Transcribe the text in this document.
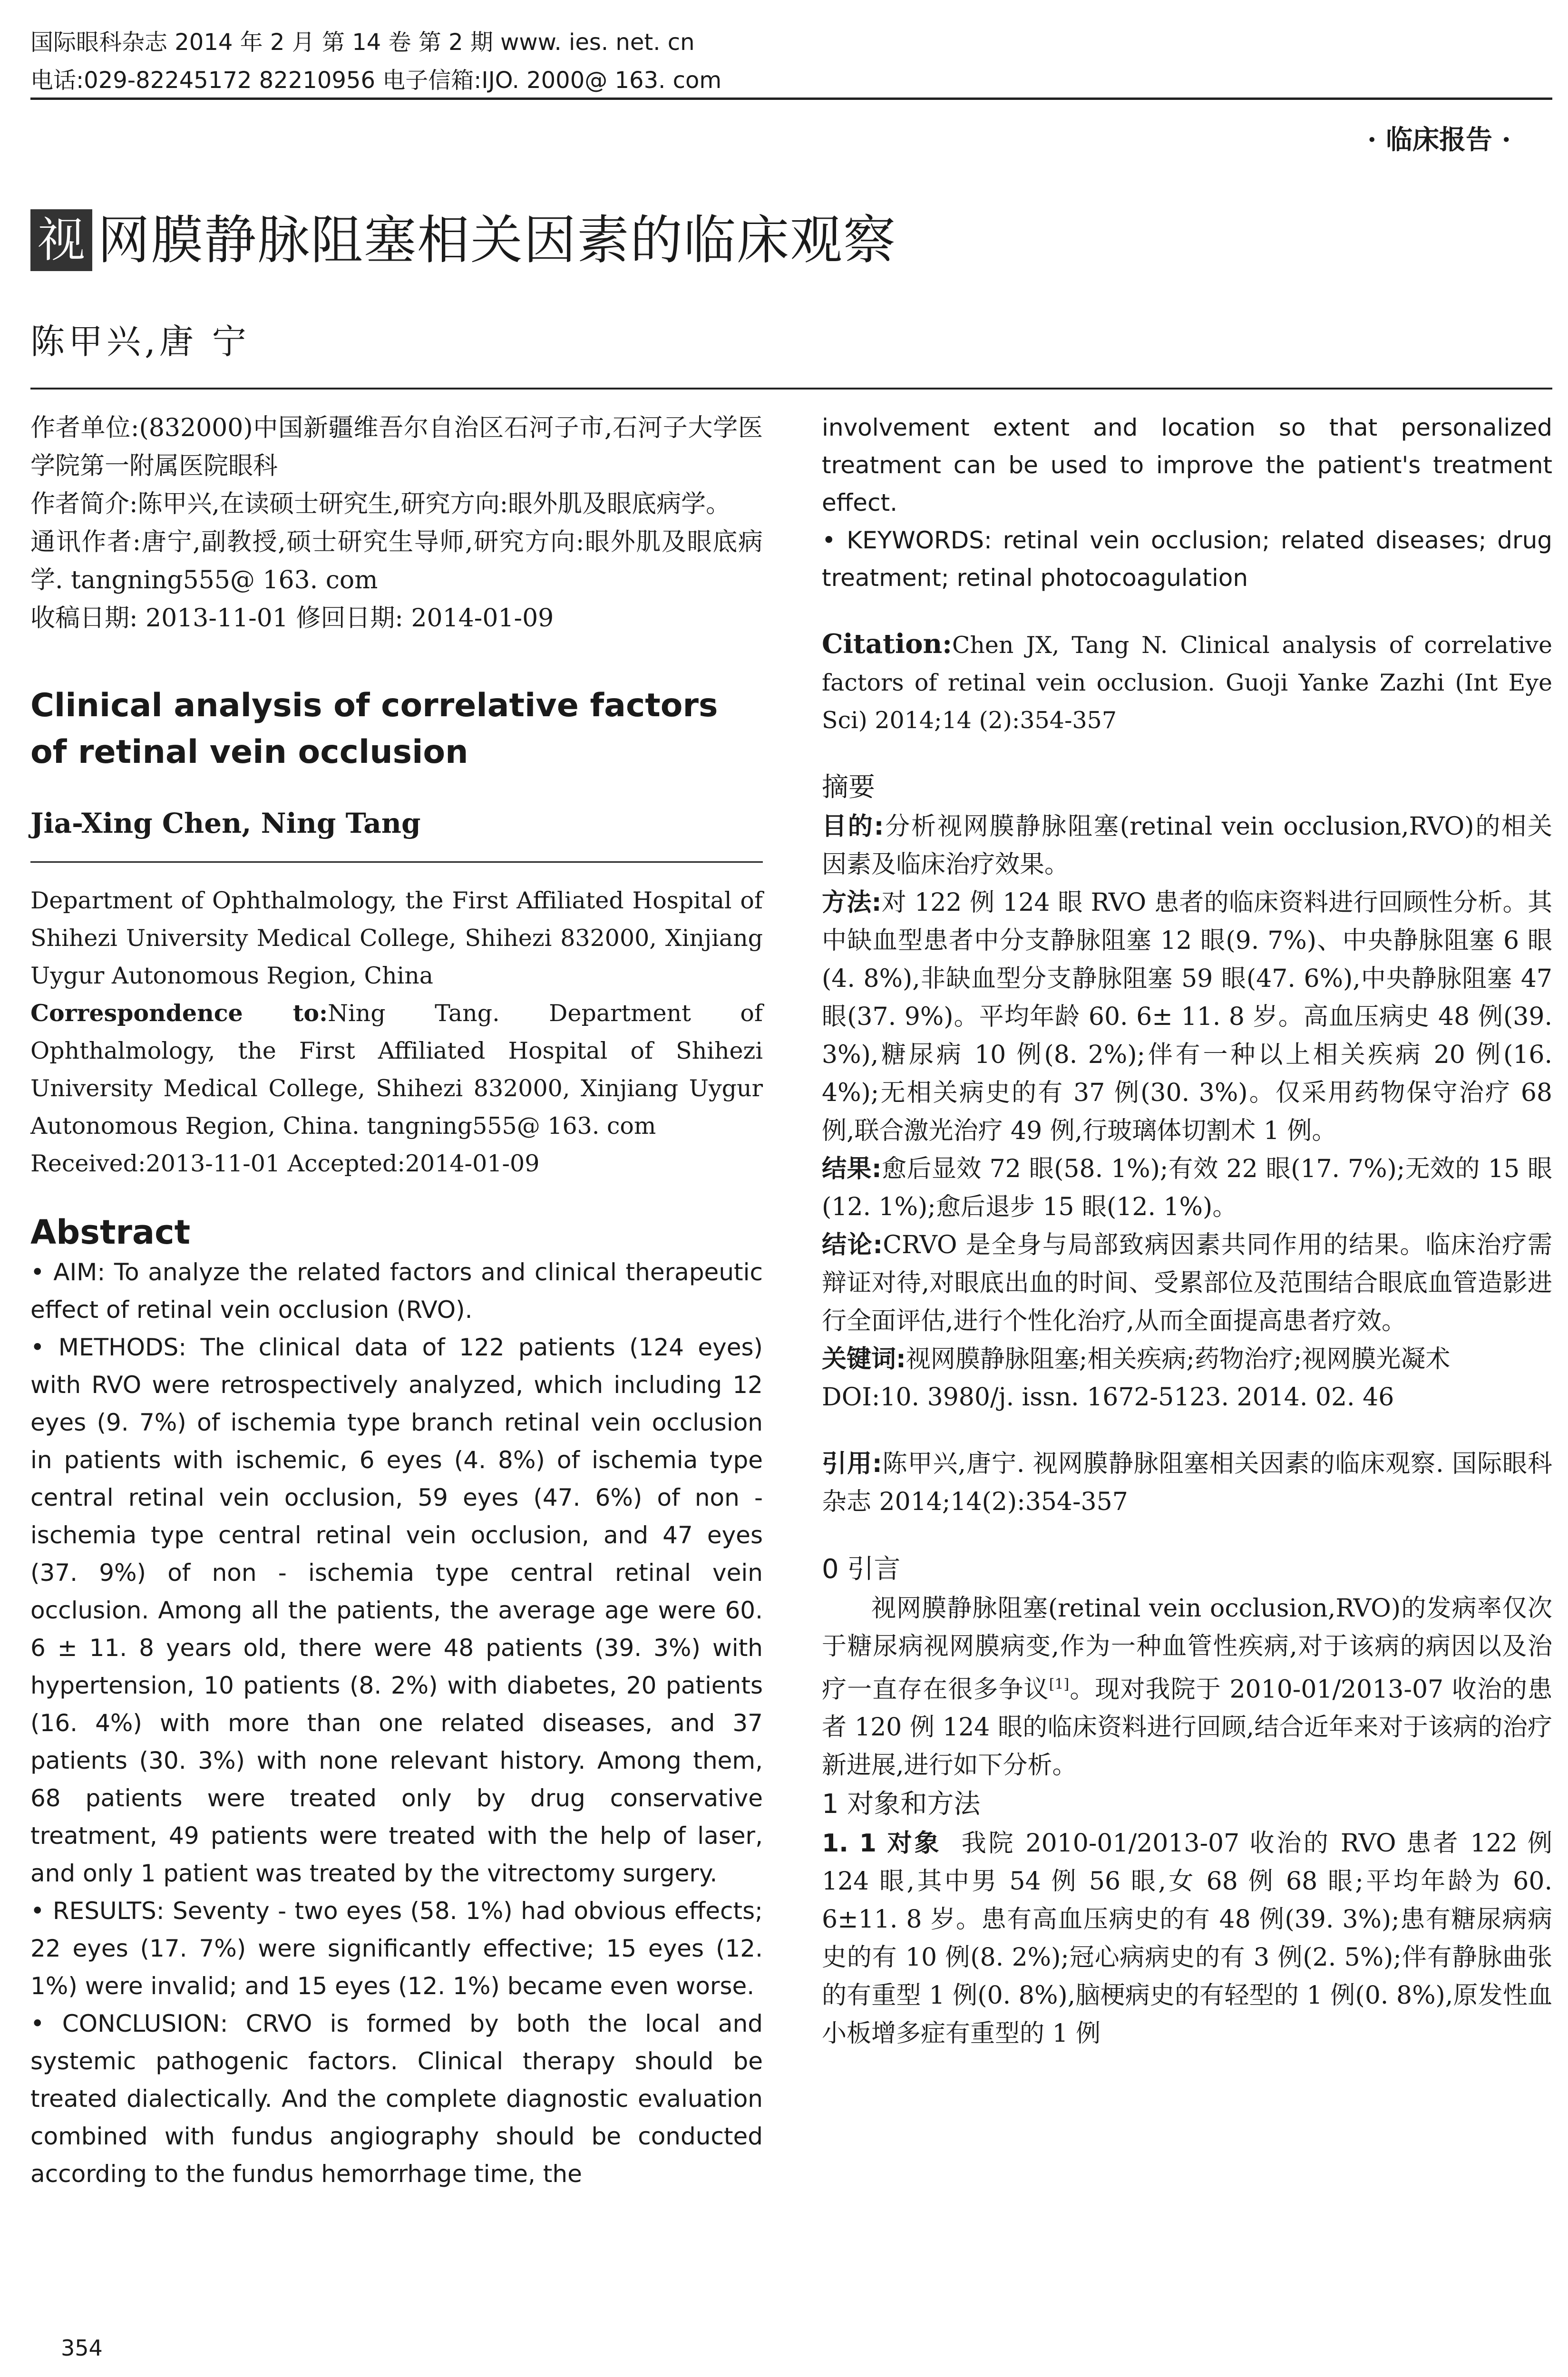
国际眼科杂志 2014 年 2 月 第 14 卷 第 2 期 www. ies. net. cn
电话:029-82245172 82210956 电子信箱:IJO. 2000@ 163. com
· 临床报告 ·
视 网膜静脉阻塞相关因素的临床观察
陈甲兴,唐 宁
作者单位:(832000)中国新疆维吾尔自治区石河子市,石河子大学医学院第一附属医院眼科
作者简介:陈甲兴,在读硕士研究生,研究方向:眼外肌及眼底病学。
通讯作者:唐宁,副教授,硕士研究生导师,研究方向:眼外肌及眼底病学. tangning555@ 163. com
收稿日期: 2013-11-01 修回日期: 2014-01-09
Clinical analysis of correlative factors of retinal vein occlusion
Jia-Xing Chen, Ning Tang
Department of Ophthalmology, the First Affiliated Hospital of Shihezi University Medical College, Shihezi 832000, Xinjiang Uygur Autonomous Region, China
Correspondence to:Ning Tang. Department of Ophthalmology, the First Affiliated Hospital of Shihezi University Medical College, Shihezi 832000, Xinjiang Uygur Autonomous Region, China. tangning555@ 163. com
Received:2013-11-01 Accepted:2014-01-09
Abstract
• AIM: To analyze the related factors and clinical therapeutic effect of retinal vein occlusion (RVO).
• METHODS: The clinical data of 122 patients (124 eyes) with RVO were retrospectively analyzed, which including 12 eyes (9. 7%) of ischemia type branch retinal vein occlusion in patients with ischemic, 6 eyes (4. 8%) of ischemia type central retinal vein occlusion, 59 eyes (47. 6%) of non - ischemia type central retinal vein occlusion, and 47 eyes (37. 9%) of non - ischemia type central retinal vein occlusion. Among all the patients, the average age were 60. 6 ± 11. 8 years old, there were 48 patients (39. 3%) with hypertension, 10 patients (8. 2%) with diabetes, 20 patients (16. 4%) with more than one related diseases, and 37 patients (30. 3%) with none relevant history. Among them, 68 patients were treated only by drug conservative treatment, 49 patients were treated with the help of laser, and only 1 patient was treated by the vitrectomy surgery.
• RESULTS: Seventy - two eyes (58. 1%) had obvious effects; 22 eyes (17. 7%) were significantly effective; 15 eyes (12. 1%) were invalid; and 15 eyes (12. 1%) became even worse.
• CONCLUSION: CRVO is formed by both the local and systemic pathogenic factors. Clinical therapy should be treated dialectically. And the complete diagnostic evaluation combined with fundus angiography should be conducted according to the fundus hemorrhage time, the
involvement extent and location so that personalized treatment can be used to improve the patient's treatment effect.
• KEYWORDS: retinal vein occlusion; related diseases; drug treatment; retinal photocoagulation
Citation:Chen JX, Tang N. Clinical analysis of correlative factors of retinal vein occlusion. Guoji Yanke Zazhi (Int Eye Sci) 2014;14 (2):354-357
摘要
目的:分析视网膜静脉阻塞(retinal vein occlusion,RVO)的相关因素及临床治疗效果。
方法:对 122 例 124 眼 RVO 患者的临床资料进行回顾性分析。其中缺血型患者中分支静脉阻塞 12 眼(9. 7%)、中央静脉阻塞 6 眼(4. 8%),非缺血型分支静脉阻塞 59 眼(47. 6%),中央静脉阻塞 47 眼(37. 9%)。平均年龄 60. 6± 11. 8 岁。高血压病史 48 例(39. 3%),糖尿病 10 例(8. 2%);伴有一种以上相关疾病 20 例(16. 4%);无相关病史的有 37 例(30. 3%)。仅采用药物保守治疗 68 例,联合激光治疗 49 例,行玻璃体切割术 1 例。
结果:愈后显效 72 眼(58. 1%);有效 22 眼(17. 7%);无效的 15 眼(12. 1%);愈后退步 15 眼(12. 1%)。
结论:CRVO 是全身与局部致病因素共同作用的结果。临床治疗需辩证对待,对眼底出血的时间、受累部位及范围结合眼底血管造影进行全面评估,进行个性化治疗,从而全面提高患者疗效。
关键词:视网膜静脉阻塞;相关疾病;药物治疗;视网膜光凝术
DOI:10. 3980/j. issn. 1672-5123. 2014. 02. 46
引用:陈甲兴,唐宁. 视网膜静脉阻塞相关因素的临床观察. 国际眼科杂志 2014;14(2):354-357
0 引言
视网膜静脉阻塞(retinal vein occlusion,RVO)的发病率仅次于糖尿病视网膜病变,作为一种血管性疾病,对于该病的病因以及治疗一直存在很多争议[1]。现对我院于 2010-01/2013-07 收治的患者 120 例 124 眼的临床资料进行回顾,结合近年来对于该病的治疗新进展,进行如下分析。
1 对象和方法
1. 1 对象 我院 2010-01/2013-07 收治的 RVO 患者 122 例 124 眼,其中男 54 例 56 眼,女 68 例 68 眼;平均年龄为 60. 6±11. 8 岁。患有高血压病史的有 48 例(39. 3%);患有糖尿病病史的有 10 例(8. 2%);冠心病病史的有 3 例(2. 5%);伴有静脉曲张的有重型 1 例(0. 8%),脑梗病史的有轻型的 1 例(0. 8%),原发性血小板增多症有重型的 1 例
354
